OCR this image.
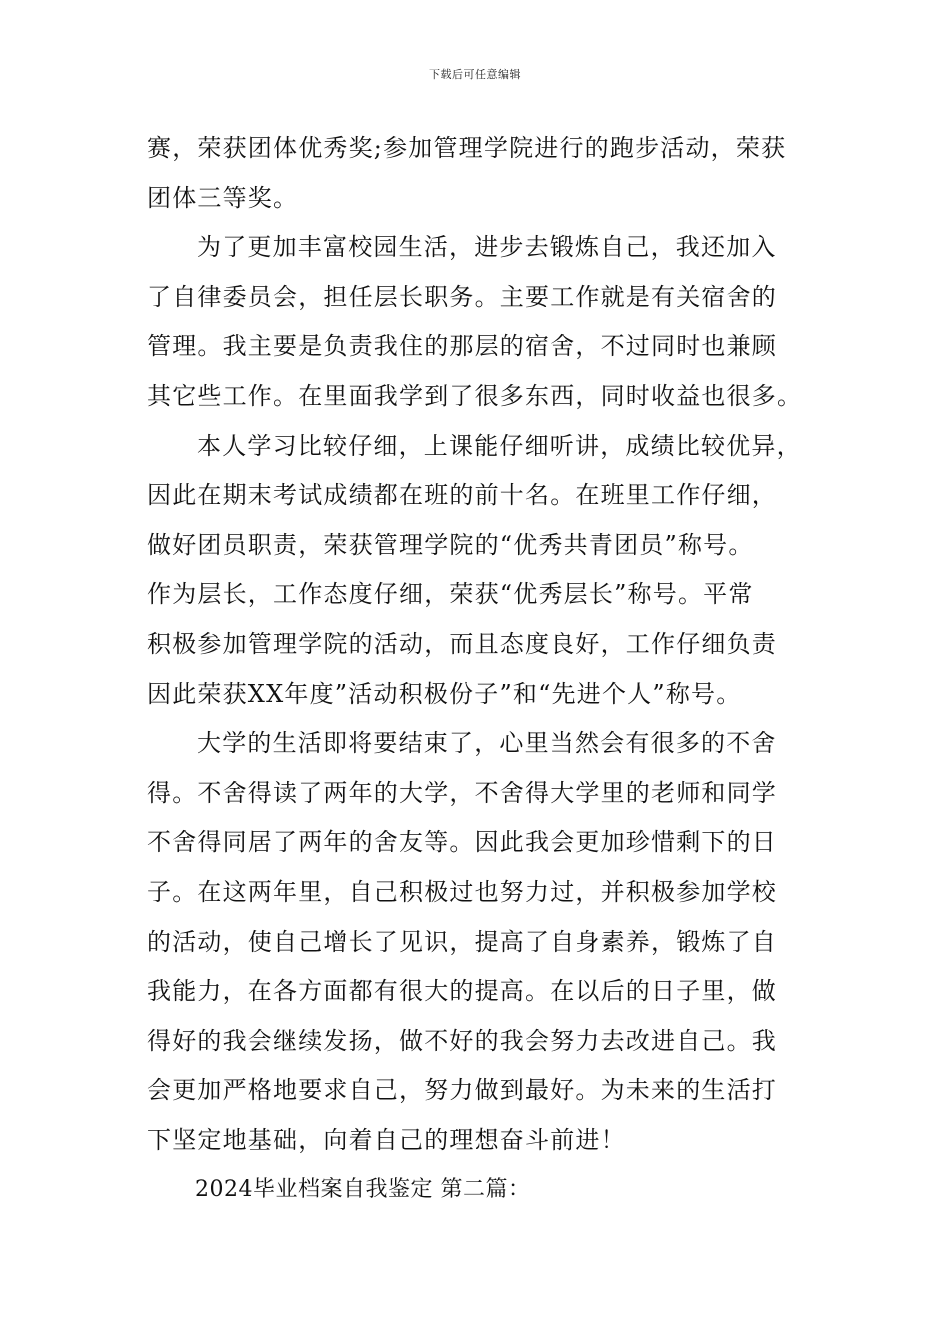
下载后可任意编辑
赛，荣获团体优秀奖;参加管理学院进行的跑步活动，荣获
团体三等奖。
为了更加丰富校园生活，进步去锻炼自己，我还加入
了自律委员会，担任层长职务。主要工作就是有关宿舍的
管理。我主要是负责我住的那层的宿舍，不过同时也兼顾
其它些工作。在里面我学到了很多东西，同时收益也很多。
本人学习比较仔细，上课能仔细听讲，成绩比较优异，
因此在期末考试成绩都在班的前十名。在班里工作仔细，
做好团员职责，荣获管理学院的“优秀共青团员”称号。
作为层长，工作态度仔细，荣获“优秀层长”称号。平常
积极参加管理学院的活动，而且态度良好，工作仔细负责
因此荣获XX年度”活动积极份子”和“先进个人”称号。
大学的生活即将要结束了，心里当然会有很多的不舍
得。不舍得读了两年的大学，不舍得大学里的老师和同学
不舍得同居了两年的舍友等。因此我会更加珍惜剩下的日
子。在这两年里，自己积极过也努力过，并积极参加学校
的活动，使自己增长了见识，提高了自身素养，锻炼了自
我能力，在各方面都有很大的提高。在以后的日子里，做
得好的我会继续发扬，做不好的我会努力去改进自己。我
会更加严格地要求自己，努力做到最好。为未来的生活打
下坚定地基础，向着自己的理想奋斗前进！
2024毕业档案自我鉴定 第二篇：
